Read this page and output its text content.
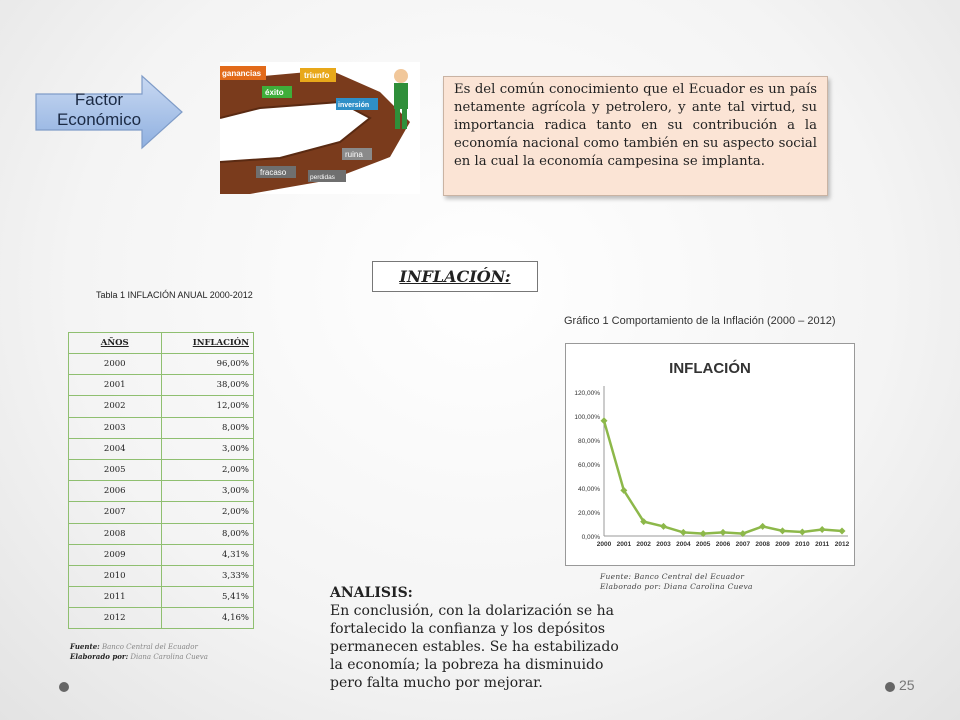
Factor
Económico
ganancias	triunfo
éxito
inversión
ruina
fracaso
perdidas
Es del común conocimiento que el Ecuador es un país netamente agrícola y petrolero, y ante tal virtud, su importancia radica tanto en su contribución a la economía nacional como también en su aspecto social en la cual la economía campesina se implanta.
INFLACIÓN:
Tabla 1 INFLACIÓN ANUAL 2000-2012
AÑOS	INFLACIÓN
2000	96,00%
2001	38,00%
2002	12,00%
2003	8,00%
2004	3,00%
2005	2,00%
2006	3,00%
2007	2,00%
2008	8,00%
2009	4,31%
2010	3,33%
2011	5,41%
2012	4,16%
Fuente: Banco Central del Ecuador
Elaborado por: Diana Carolina Cueva
Gráfico 1 Comportamiento de la Inflación (2000 – 2012)
INFLACIÓN
0,00%
20,00%
40,00%
60,00%
80,00%
100,00%
120,00%
2000 2001 2002 2003 2004 2005 2006 2007 2008 2009 2010 2011 2012
Fuente: Banco Central del Ecuador
Elaborado por: Diana Carolina Cueva
ANALISIS:
En conclusión, con la dolarización se ha fortalecido la confianza y los depósitos permanecen estables. Se ha estabilizado la economía; la pobreza ha disminuido pero falta mucho por mejorar.	25
